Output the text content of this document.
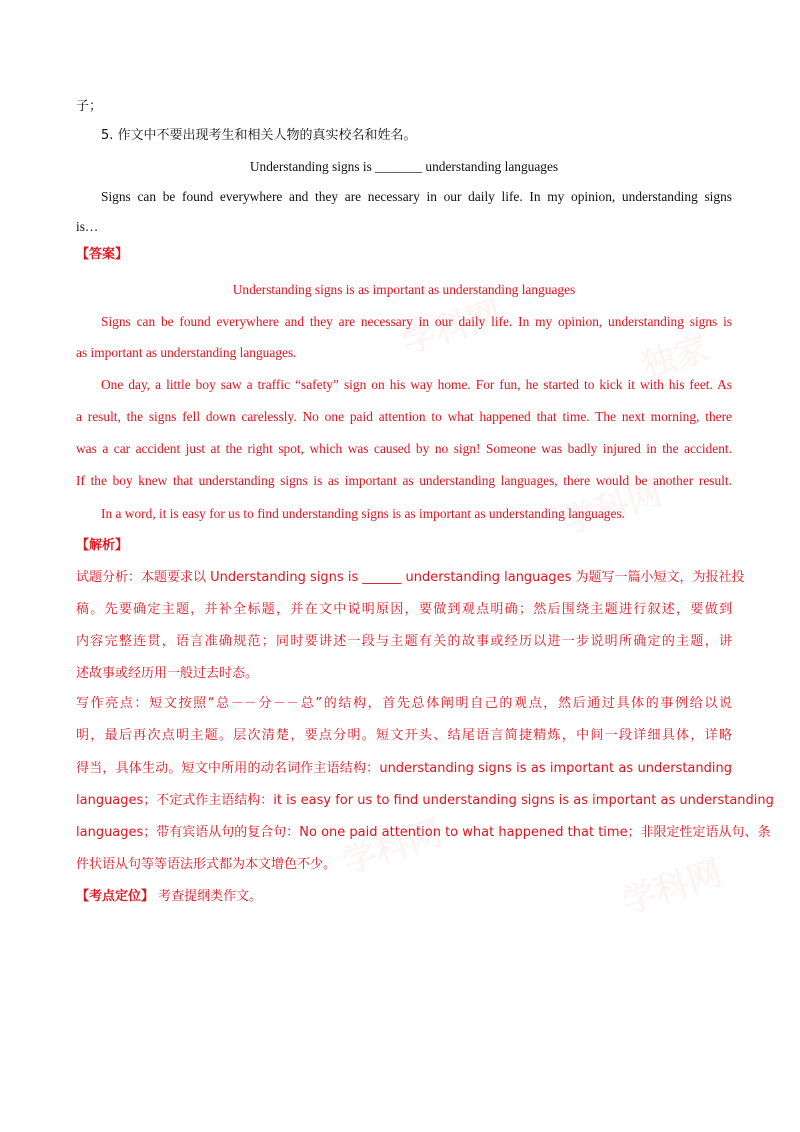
学科网	独家
学科网
学科网
学科网
子；
5. 作文中不要出现考生和相关人物的真实校名和姓名。
Understanding signs is _______ understanding languages
Signs can be found everywhere and they are necessary in our daily life. In my opinion, understanding signs
is…
【答案】
Understanding signs is as important as understanding languages
Signs can be found everywhere and they are necessary in our daily life. In my opinion, understanding signs is
as important as understanding languages.
One day, a little boy saw a traffic “safety” sign on his way home. For fun, he started to kick it with his feet. As
a result, the signs fell down carelessly. No one paid attention to what happened that time. The next morning, there
was a car accident just at the right spot, which was caused by no sign! Someone was badly injured in the accident.
If the boy knew that understanding signs is as important as understanding languages, there would be another result.
In a word, it is easy for us to find understanding signs is as important as understanding languages.
【解析】
试题分析：本题要求以 Understanding signs is ______ understanding languages 为题写一篇小短文，为报社投
稿。先要确定主题，并补全标题，并在文中说明原因，要做到观点明确；然后围绕主题进行叙述，要做到
内容完整连贯，语言准确规范；同时要讲述一段与主题有关的故事或经历以进一步说明所确定的主题，讲
述故事或经历用一般过去时态。
写作亮点：短文按照“总－－分－－总”的结构，首先总体阐明自己的观点，然后通过具体的事例给以说
明，最后再次点明主题。层次清楚，要点分明。短文开头、结尾语言简捷精炼，中间一段详细具体，详略
得当，具体生动。短文中所用的动名词作主语结构：understanding signs is as important as understanding
languages；不定式作主语结构：it is easy for us to find understanding signs is as important as understanding
languages；带有宾语从句的复合句：No one paid attention to what happened that time；非限定性定语从句、条
件状语从句等等语法形式都为本文增色不少。
【考点定位】 考查提纲类作文。
